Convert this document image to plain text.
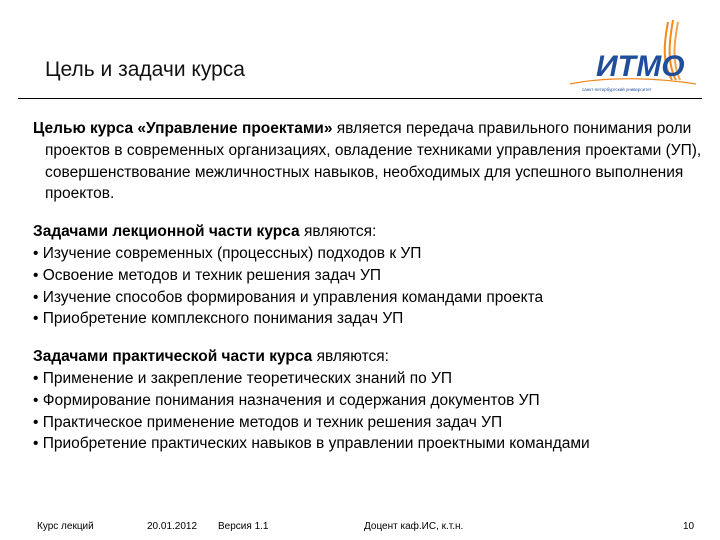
Цель и задачи курса	ИТМО
санкт-петербургский университет

Целью курса «Управление проектами» является передача правильного понимания роли проектов в современных организациях, овладение техниками управления проектами (УП), совершенствование межличностных навыков, необходимых для успешного выполнения проектов.

Задачами лекционной части курса являются:

• Изучение современных (процессных) подходов к УП

• Освоение методов и техник решения задач УП

• Изучение способов формирования и управления командами проекта

• Приобретение комплексного понимания задач УП

Задачами практической части курса являются:

• Применение и закрепление теоретических знаний по УП

• Формирование понимания назначения и содержания документов УП

• Практическое применение методов и техник решения задач УП

• Приобретение практических навыков в управлении проектными командами

Курс лекций	20.01.2012 Версия 1.1	Доцент каф.ИС, к.т.н.	10
